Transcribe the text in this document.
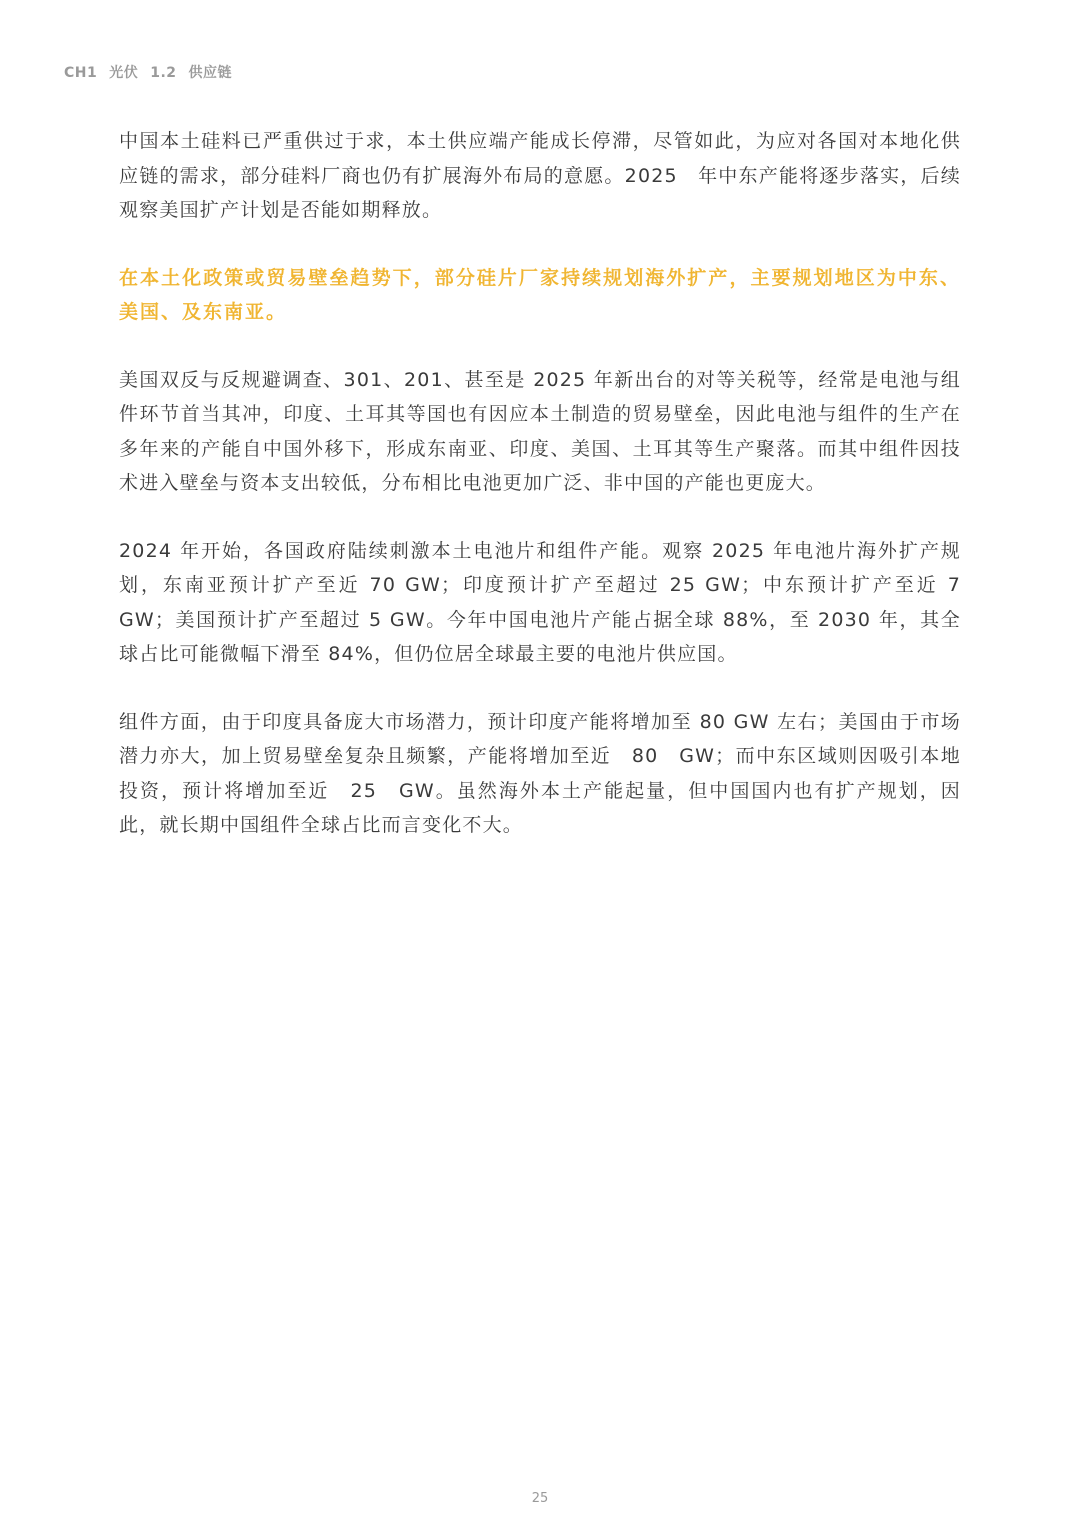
CH1 光伏 1.2 供应链

中国本土硅料已严重供过于求，本土供应端产能成长停滞，尽管如此，为应对各国对本地化供应链的需求，部分硅料厂商也仍有扩展海外布局的意愿。2025　年中东产能将逐步落实，后续观察美国扩产计划是否能如期释放。

在本土化政策或贸易壁垒趋势下，部分硅片厂家持续规划海外扩产，主要规划地区为中东、美国、及东南亚。

美国双反与反规避调查、301、201、甚至是 2025 年新出台的对等关税等，经常是电池与组件环节首当其冲，印度、土耳其等国也有因应本土制造的贸易壁垒，因此电池与组件的生产在多年来的产能自中国外移下，形成东南亚、印度、美国、土耳其等生产聚落。而其中组件因技术进入壁垒与资本支出较低，分布相比电池更加广泛、非中国的产能也更庞大。

2024 年开始，各国政府陆续刺激本土电池片和组件产能。观察 2025 年电池片海外扩产规划，东南亚预计扩产至近 70 GW；印度预计扩产至超过 25 GW；中东预计扩产至近 7 GW；美国预计扩产至超过 5 GW。今年中国电池片产能占据全球 88%，至 2030 年，其全球占比可能微幅下滑至 84%，但仍位居全球最主要的电池片供应国。

组件方面，由于印度具备庞大市场潜力，预计印度产能将增加至 80 GW 左右；美国由于市场潜力亦大，加上贸易壁垒复杂且频繁，产能将增加至近　80　GW；而中东区域则因吸引本地投资，预计将增加至近　25　GW。虽然海外本土产能起量，但中国国内也有扩产规划，因此，就长期中国组件全球占比而言变化不大。

25
